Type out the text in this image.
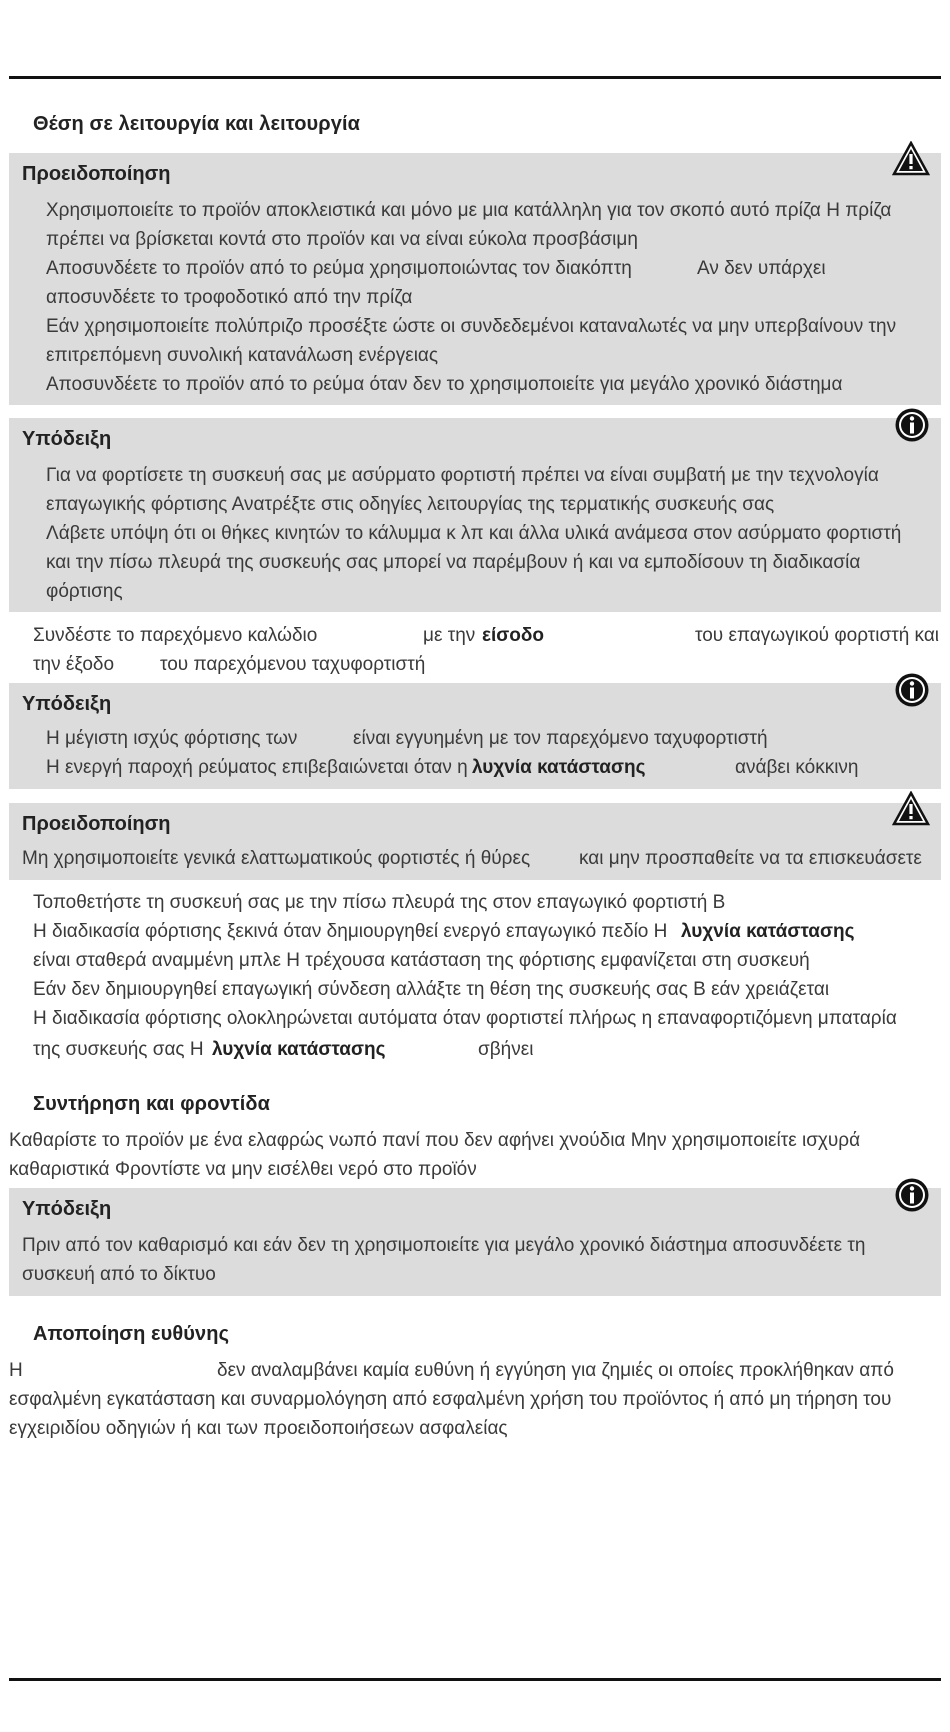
Θέση σε λειτουργία και λειτουργία
Προειδοποίηση
Χρησιμοποιείτε το προϊόν αποκλειστικά και μόνο με μια κατάλληλη για τον σκοπό αυτό πρίζα Η πρίζα
πρέπει να βρίσκεται κοντά στο προϊόν και να είναι εύκολα προσβάσιμη
Αποσυνδέετε το προϊόν από το ρεύμα χρησιμοποιώντας τον διακόπτη	Αν δεν υπάρχει
αποσυνδέετε το τροφοδοτικό από την πρίζα
Εάν χρησιμοποιείτε πολύπριζο προσέξτε ώστε οι συνδεδεμένοι καταναλωτές να μην υπερβαίνουν την
επιτρεπόμενη συνολική κατανάλωση ενέργειας
Αποσυνδέετε το προϊόν από το ρεύμα όταν δεν το χρησιμοποιείτε για μεγάλο χρονικό διάστημα
Υπόδειξη
Για να φορτίσετε τη συσκευή σας με ασύρματο φορτιστή πρέπει να είναι συμβατή με την τεχνολογία
επαγωγικής φόρτισης Ανατρέξτε στις οδηγίες λειτουργίας της τερματικής συσκευής σας
Λάβετε υπόψη ότι οι θήκες κινητών το κάλυμμα κ λπ και άλλα υλικά ανάμεσα στον ασύρματο φορτιστή
και την πίσω πλευρά της συσκευής σας μπορεί να παρέμβουν ή και να εμποδίσουν τη διαδικασία
φόρτισης
Συνδέστε το παρεχόμενο καλώδιο	με την είσοδο	του επαγωγικού φορτιστή και
την έξοδο του παρεχόμενου ταχυφορτιστή
Υπόδειξη
Η μέγιστη ισχύς φόρτισης των	είναι εγγυημένη με τον παρεχόμενο ταχυφορτιστή
Η ενεργή παροχή ρεύματος επιβεβαιώνεται όταν η λυχνία κατάστασης	ανάβει κόκκινη
Προειδοποίηση
Μη χρησιμοποιείτε γενικά ελαττωματικούς φορτιστές ή θύρες	και μην προσπαθείτε να τα επισκευάσετε
Τοποθετήστε τη συσκευή σας με την πίσω πλευρά της στον επαγωγικό φορτιστή B
Η διαδικασία φόρτισης ξεκινά όταν δημιουργηθεί ενεργό επαγωγικό πεδίο Η λυχνία κατάστασης
είναι σταθερά αναμμένη μπλε Η τρέχουσα κατάσταση της φόρτισης εμφανίζεται στη συσκευή
Εάν δεν δημιουργηθεί επαγωγική σύνδεση αλλάξτε τη θέση της συσκευής σας B εάν χρειάζεται
Η διαδικασία φόρτισης ολοκληρώνεται αυτόματα όταν φορτιστεί πλήρως η επαναφορτιζόμενη μπαταρία
της συσκευής σας Η λυχνία κατάστασης	σβήνει
Συντήρηση και φροντίδα
Καθαρίστε το προϊόν με ένα ελαφρώς νωπό πανί που δεν αφήνει χνούδια Μην χρησιμοποιείτε ισχυρά
καθαριστικά Φροντίστε να μην εισέλθει νερό στο προϊόν
Υπόδειξη
Πριν από τον καθαρισμό και εάν δεν τη χρησιμοποιείτε για μεγάλο χρονικό διάστημα αποσυνδέετε τη
συσκευή από το δίκτυο
Αποποίηση ευθύνης
Η	δεν αναλαμβάνει καμία ευθύνη ή εγγύηση για ζημιές οι οποίες προκλήθηκαν από
εσφαλμένη εγκατάσταση και συναρμολόγηση από εσφαλμένη χρήση του προϊόντος ή από μη τήρηση του
εγχειριδίου οδηγιών ή και των προειδοποιήσεων ασφαλείας
